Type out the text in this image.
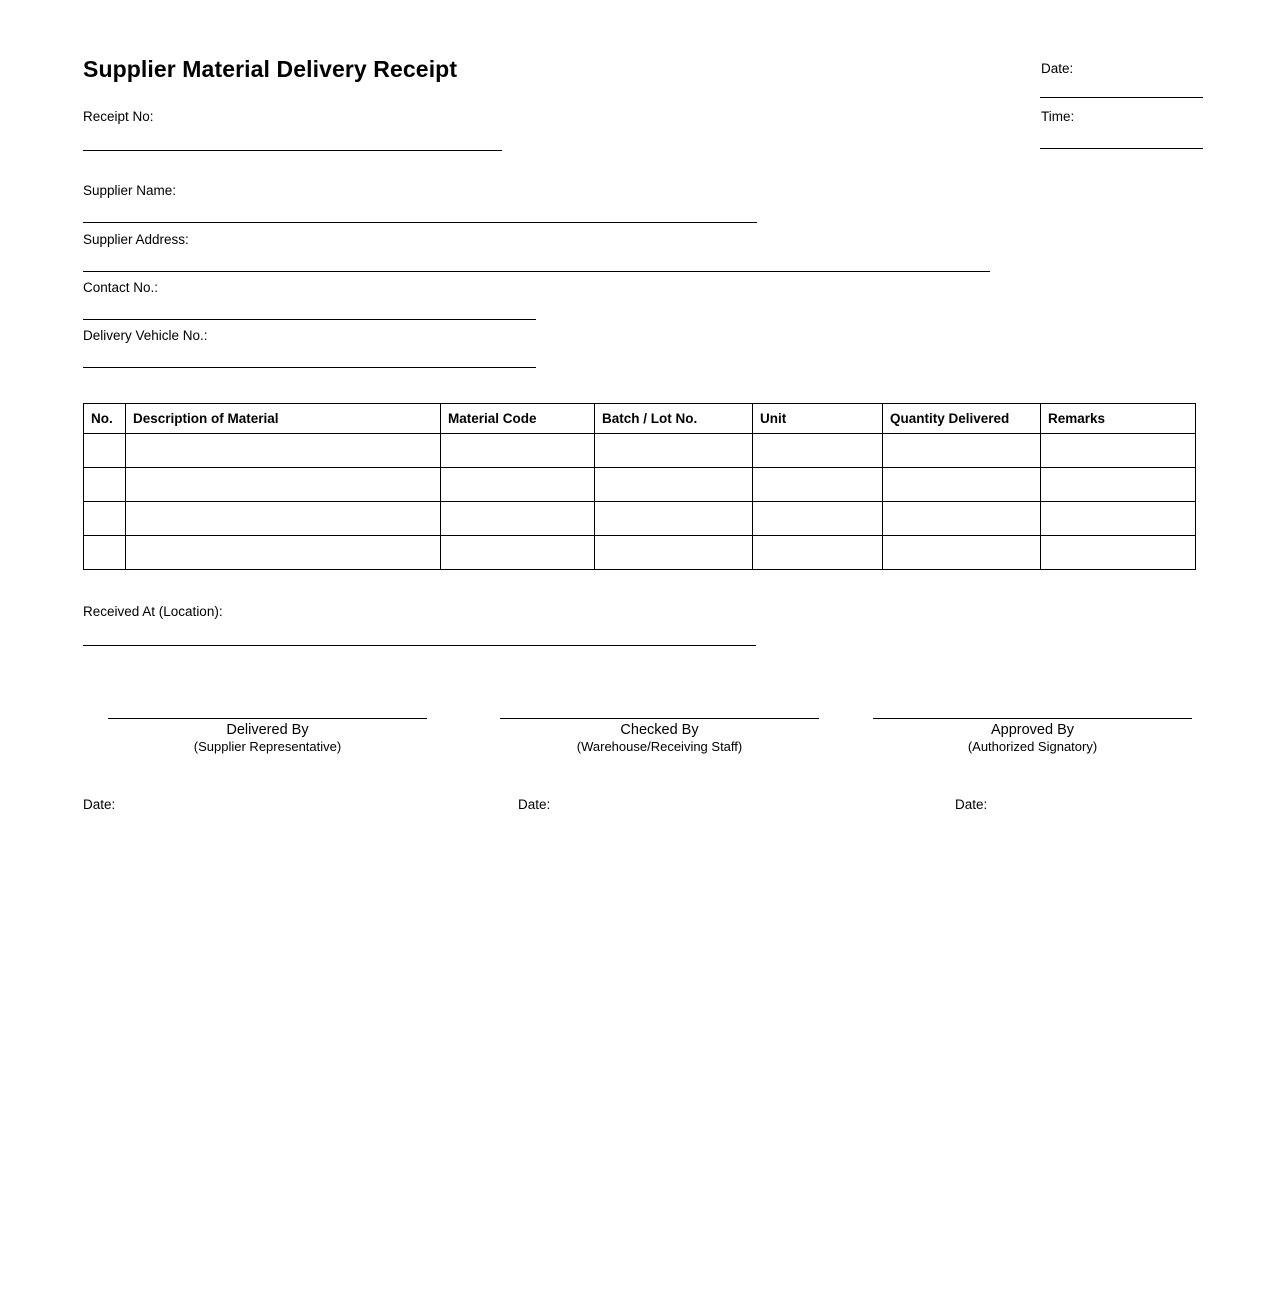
Supplier Material Delivery Receipt	Date:
Time:
Receipt No:
Supplier Name:
Supplier Address:
Contact No.:
Delivery Vehicle No.:
No.	Description of Material	Material Code	Batch / Lot No.	Unit	Quantity Delivered	Remarks

Received At (Location):
Delivered By
(Supplier Representative)
Checked By
(Warehouse/Receiving Staff)
Approved By
(Authorized Signatory)
Date:	Date:	Date:
